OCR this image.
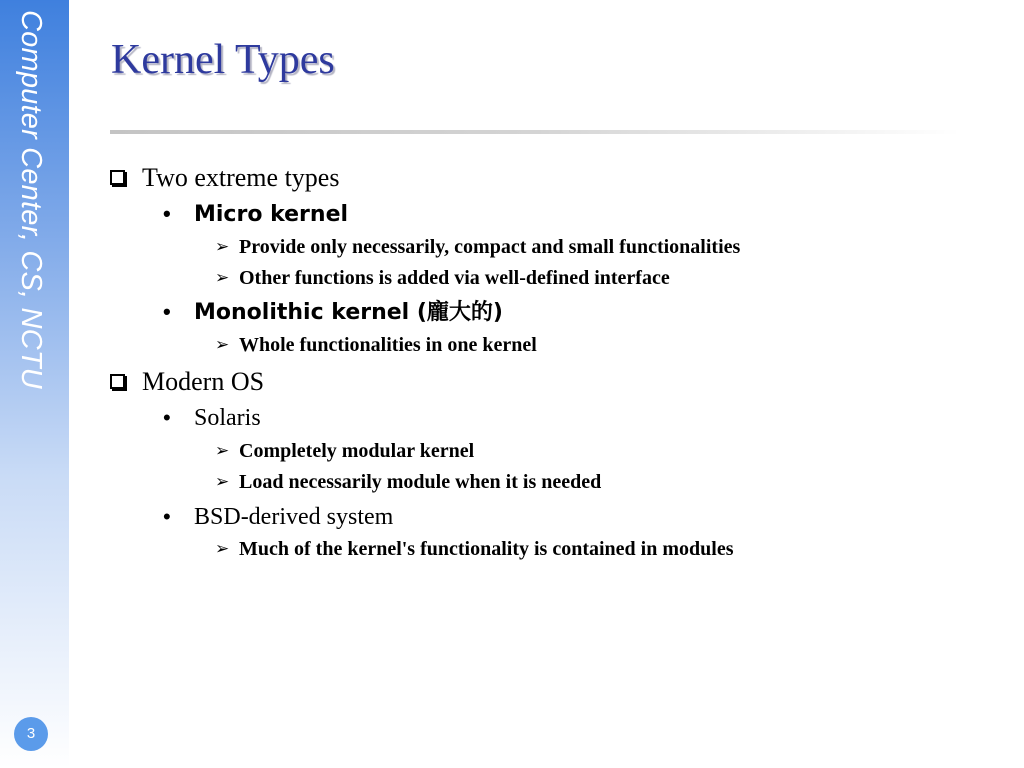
Computer Center, CS, NCTU
3
Kernel Types
Two extreme types
• Micro kernel
➢ Provide only necessarily, compact and small functionalities
➢ Other functions is added via well-defined interface
• Monolithic kernel (龐大的)
➢ Whole functionalities in one kernel
Modern OS
• Solaris
➢ Completely modular kernel
➢ Load necessarily module when it is needed
• BSD-derived system
➢ Much of the kernel's functionality is contained in modules
